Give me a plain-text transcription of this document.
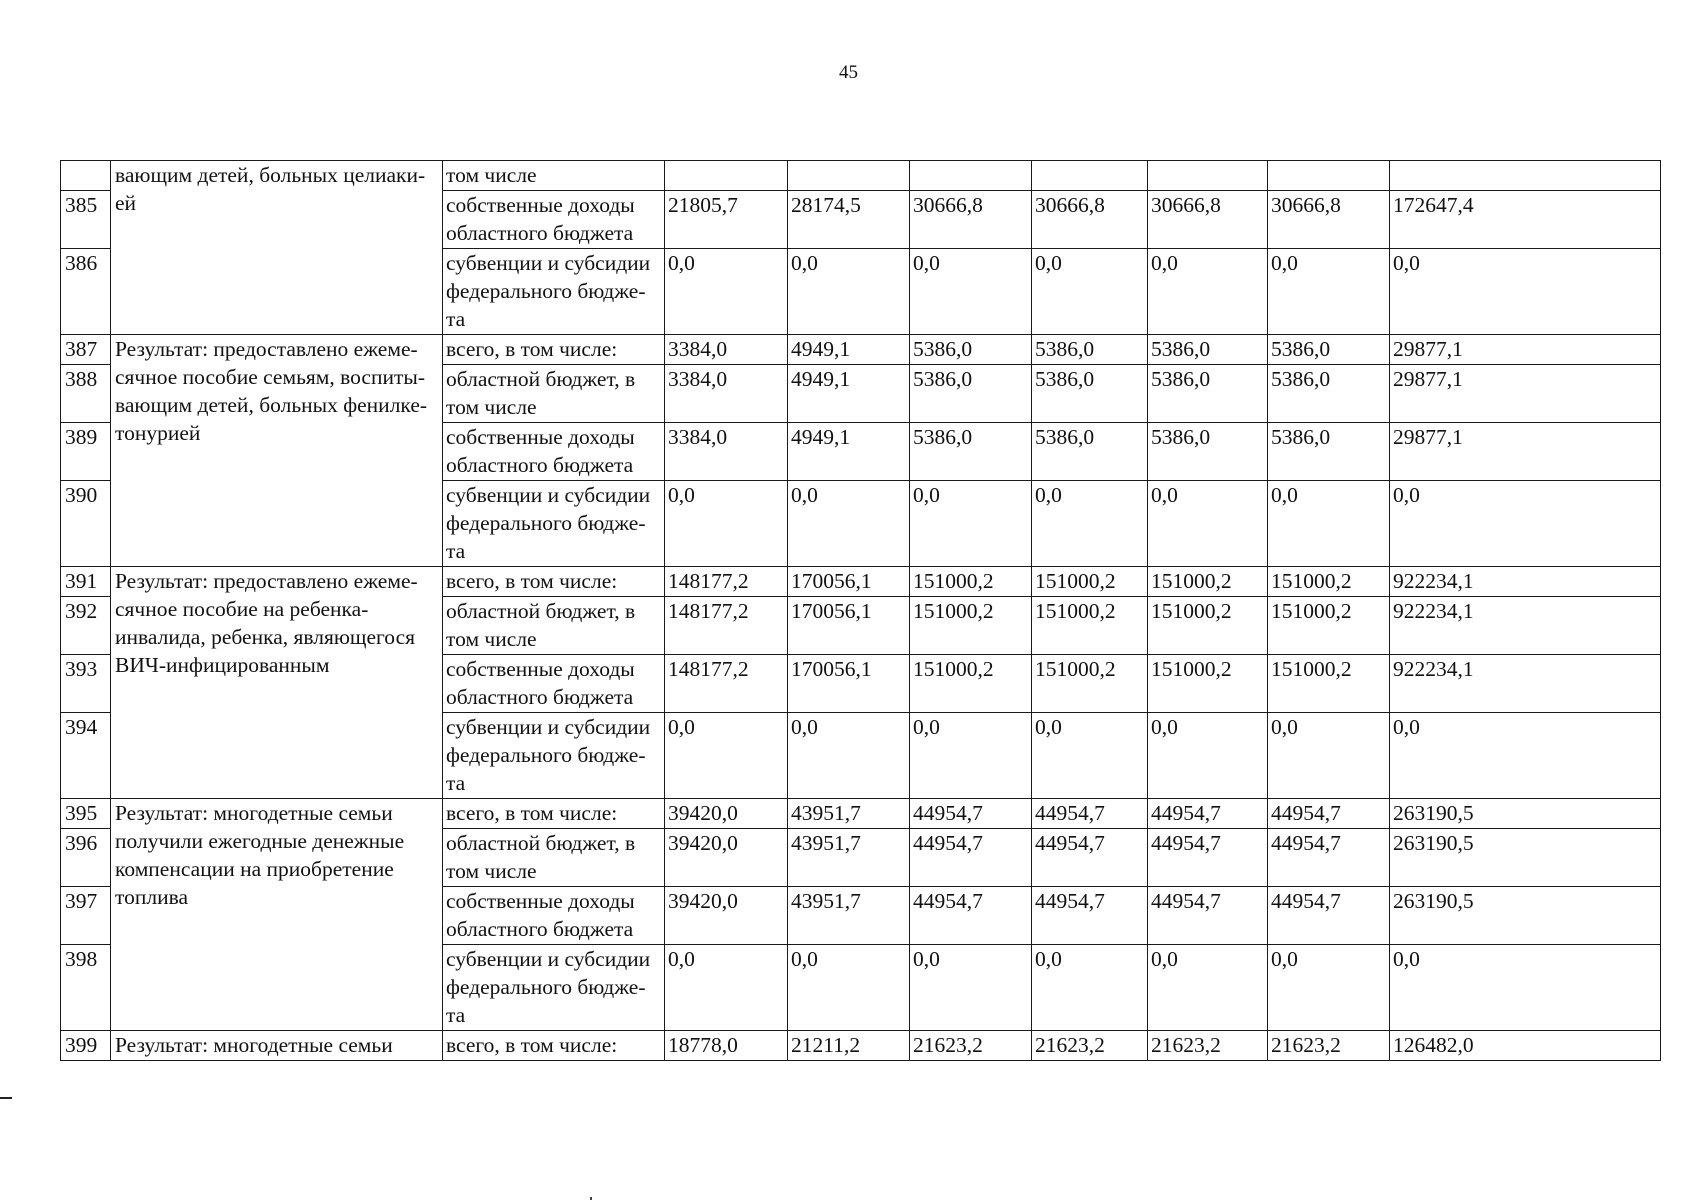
45
	вающим детей, больных целиаки-ей	том числе							
385		собственные доходы областного бюджета	21805,7	28174,5	30666,8	30666,8	30666,8	30666,8	172647,4
386		субвенции и субсидии федерального бюдже-та	0,0	0,0	0,0	0,0	0,0	0,0	0,0
387	Результат: предоставлено ежеме-сячное пособие семьям, воспиты-вающим детей, больных фенилке-тонурией	всего, в том числе:	3384,0	4949,1	5386,0	5386,0	5386,0	5386,0	29877,1
388		областной бюджет, в том числе	3384,0	4949,1	5386,0	5386,0	5386,0	5386,0	29877,1
389		собственные доходы областного бюджета	3384,0	4949,1	5386,0	5386,0	5386,0	5386,0	29877,1
390		субвенции и субсидии федерального бюдже-та	0,0	0,0	0,0	0,0	0,0	0,0	0,0
391	Результат: предоставлено ежеме-сячное пособие на ребенка-инвалида, ребенка, являющегося ВИЧ-инфицированным	всего, в том числе:	148177,2	170056,1	151000,2	151000,2	151000,2	151000,2	922234,1
392		областной бюджет, в том числе	148177,2	170056,1	151000,2	151000,2	151000,2	151000,2	922234,1
393		собственные доходы областного бюджета	148177,2	170056,1	151000,2	151000,2	151000,2	151000,2	922234,1
394		субвенции и субсидии федерального бюдже-та	0,0	0,0	0,0	0,0	0,0	0,0	0,0
395	Результат: многодетные семьи получили ежегодные денежные компенсации на приобретение топлива	всего, в том числе:	39420,0	43951,7	44954,7	44954,7	44954,7	44954,7	263190,5
396		областной бюджет, в том числе	39420,0	43951,7	44954,7	44954,7	44954,7	44954,7	263190,5
397		собственные доходы областного бюджета	39420,0	43951,7	44954,7	44954,7	44954,7	44954,7	263190,5
398		субвенции и субсидии федерального бюдже-та	0,0	0,0	0,0	0,0	0,0	0,0	0,0
399	Результат: многодетные семьи	всего, в том числе:	18778,0	21211,2	21623,2	21623,2	21623,2	21623,2	126482,0
